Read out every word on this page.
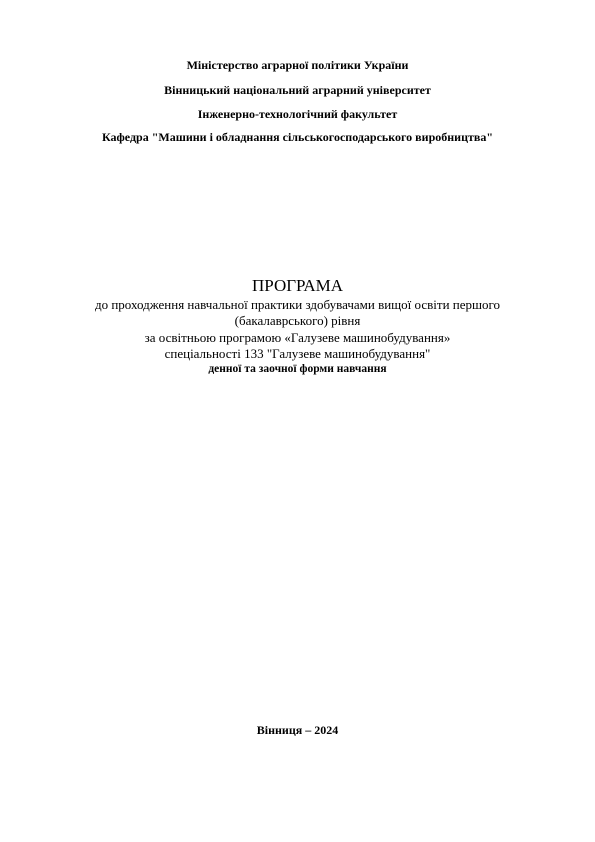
Міністерство аграрної політики України
Вінницький національний аграрний університет
Інженерно-технологічний факультет
Кафедра "Машини і обладнання сільськогосподарського виробництва"
ПРОГРАМА
до проходження навчальної практики здобувачами вищої освіти першого
(бакалаврського) рівня
за освітньою програмою «Галузеве машинобудування»
спеціальності 133 "Галузеве машинобудування"
денної та заочної форми навчання
Вінниця – 2024
